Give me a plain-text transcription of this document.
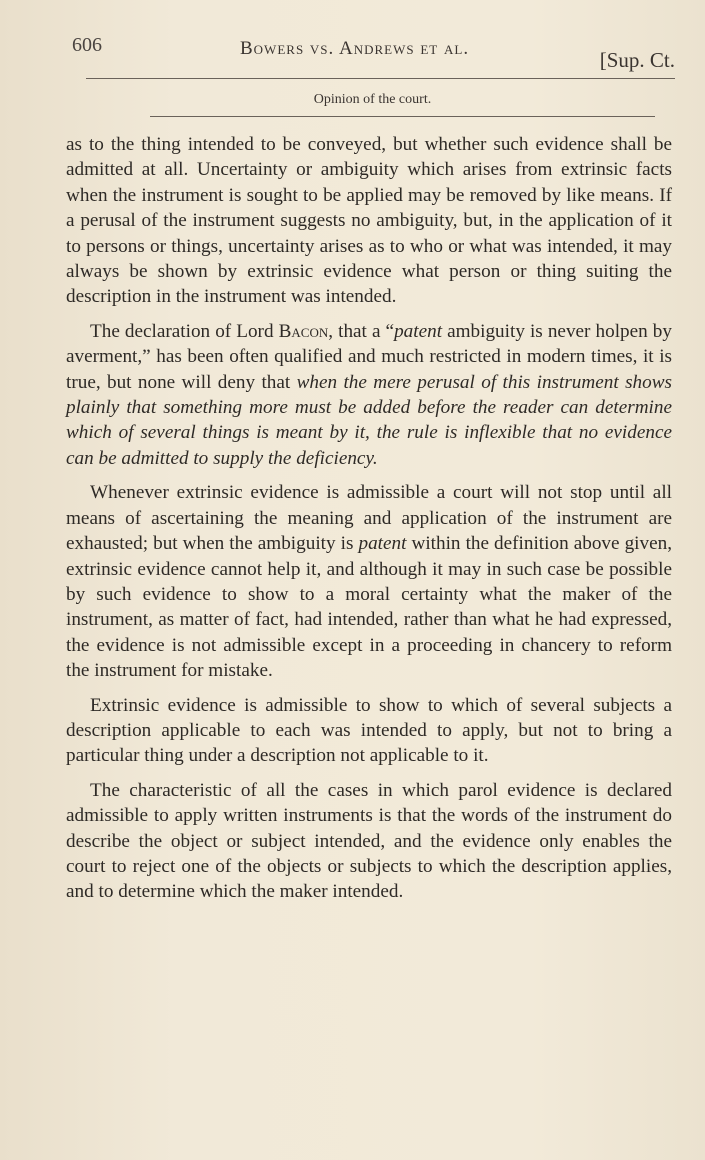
606	Bowers vs. Andrews et al.	[Sup. Ct.
Opinion of the court.

as to the thing intended to be conveyed, but whether such evidence shall be admitted at all. Uncertainty or ambiguity which arises from extrinsic facts when the instrument is sought to be applied may be removed by like means. If a perusal of the instrument suggests no ambiguity, but, in the application of it to persons or things, uncertainty arises as to who or what was intended, it may always be shown by extrinsic evidence what person or thing suiting the description in the instrument was intended.

The declaration of Lord Bacon, that a “patent ambiguity is never holpen by averment,” has been often qualified and much restricted in modern times, it is true, but none will deny that when the mere perusal of this instrument shows plainly that something more must be added before the reader can determine which of several things is meant by it, the rule is inflexible that no evidence can be admitted to supply the deficiency.

Whenever extrinsic evidence is admissible a court will not stop until all means of ascertaining the meaning and application of the instrument are exhausted; but when the ambiguity is patent within the definition above given, extrinsic evidence cannot help it, and although it may in such case be possible by such evidence to show to a moral certainty what the maker of the instrument, as matter of fact, had intended, rather than what he had expressed, the evidence is not admissible except in a proceeding in chancery to reform the instrument for mistake.

Extrinsic evidence is admissible to show to which of several subjects a description applicable to each was intended to apply, but not to bring a particular thing under a description not applicable to it.

The characteristic of all the cases in which parol evidence is declared admissible to apply written instruments is that the words of the instrument do describe the object or subject intended, and the evidence only enables the court to reject one of the objects or subjects to which the description applies, and to determine which the maker intended.
